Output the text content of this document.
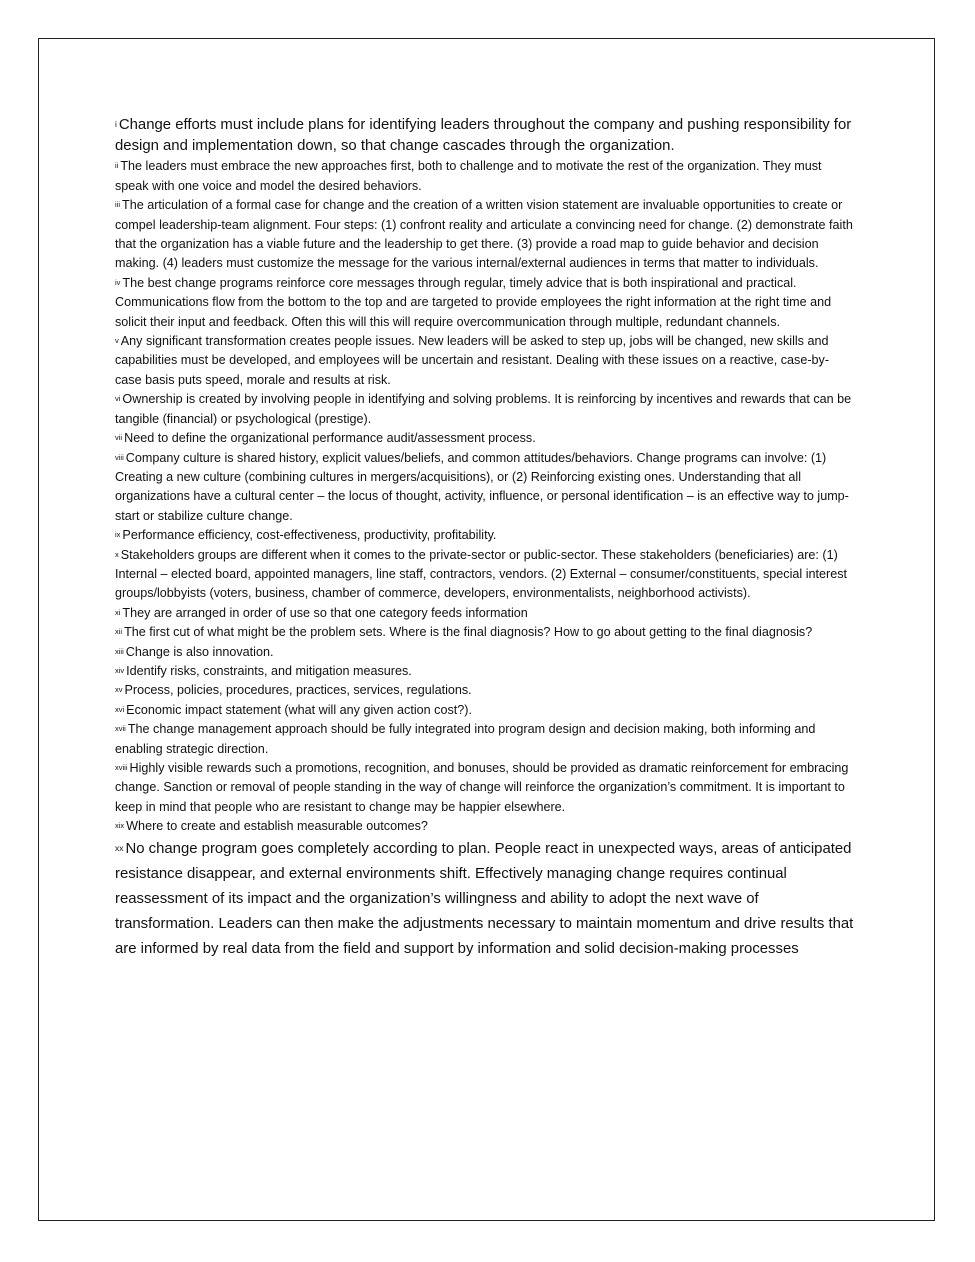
$^i$ Change efforts must include plans for identifying leaders throughout the company and pushing responsibility for design and implementation down, so that change cascades through the organization.

$^{ii}$ The leaders must embrace the new approaches first, both to challenge and to motivate the rest of the organization. They must speak with one voice and model the desired behaviors.

$^{iii}$ The articulation of a formal case for change and the creation of a written vision statement are invaluable opportunities to create or compel leadership-team alignment. Four steps: (1) confront reality and articulate a convincing need for change. (2) demonstrate faith that the organization has a viable future and the leadership to get there. (3) provide a road map to guide behavior and decision making. (4) leaders must customize the message for the various internal/external audiences in terms that matter to individuals.

$^{iv}$ The best change programs reinforce core messages through regular, timely advice that is both inspirational and practical. Communications flow from the bottom to the top and are targeted to provide employees the right information at the right time and solicit their input and feedback. Often this will this will require overcommunication through multiple, redundant channels.

$^v$ Any significant transformation creates people issues. New leaders will be asked to step up, jobs will be changed, new skills and capabilities must be developed, and employees will be uncertain and resistant. Dealing with these issues on a reactive, case-by-case basis puts speed, morale and results at risk.

$^{vi}$ Ownership is created by involving people in identifying and solving problems. It is reinforcing by incentives and rewards that can be tangible (financial) or psychological (prestige).

$^{vii}$ Need to define the organizational performance audit/assessment process.

$^{viii}$ Company culture is shared history, explicit values/beliefs, and common attitudes/behaviors. Change programs can involve: (1) Creating a new culture (combining cultures in mergers/acquisitions), or (2) Reinforcing existing ones. Understanding that all organizations have a cultural center – the locus of thought, activity, influence, or personal identification – is an effective way to jump-start or stabilize culture change.

$^{ix}$ Performance efficiency, cost-effectiveness, productivity, profitability.

$^x$ Stakeholders groups are different when it comes to the private-sector or public-sector. These stakeholders (beneficiaries) are: (1) Internal – elected board, appointed managers, line staff, contractors, vendors. (2) External – consumer/constituents, special interest groups/lobbyists (voters, business, chamber of commerce, developers, environmentalists, neighborhood activists).

$^{xi}$ They are arranged in order of use so that one category feeds information

$^{xii}$ The first cut of what might be the problem sets. Where is the final diagnosis? How to go about getting to the final diagnosis?

$^{xiii}$ Change is also innovation.

$^{xiv}$ Identify risks, constraints, and mitigation measures.

$^{xv}$ Process, policies, procedures, practices, services, regulations.

$^{xvi}$ Economic impact statement (what will any given action cost?).

$^{xvii}$ The change management approach should be fully integrated into program design and decision making, both informing and enabling strategic direction.

$^{xviii}$ Highly visible rewards such a promotions, recognition, and bonuses, should be provided as dramatic reinforcement for embracing change. Sanction or removal of people standing in the way of change will reinforce the organization’s commitment. It is important to keep in mind that people who are resistant to change may be happier elsewhere.

$^{xix}$ Where to create and establish measurable outcomes?

$^{xx}$ No change program goes completely according to plan. People react in unexpected ways, areas of anticipated resistance disappear, and external environments shift. Effectively managing change requires continual reassessment of its impact and the organization’s willingness and ability to adopt the next wave of transformation. Leaders can then make the adjustments necessary to maintain momentum and drive results that are informed by real data from the field and support by information and solid decision-making processes
